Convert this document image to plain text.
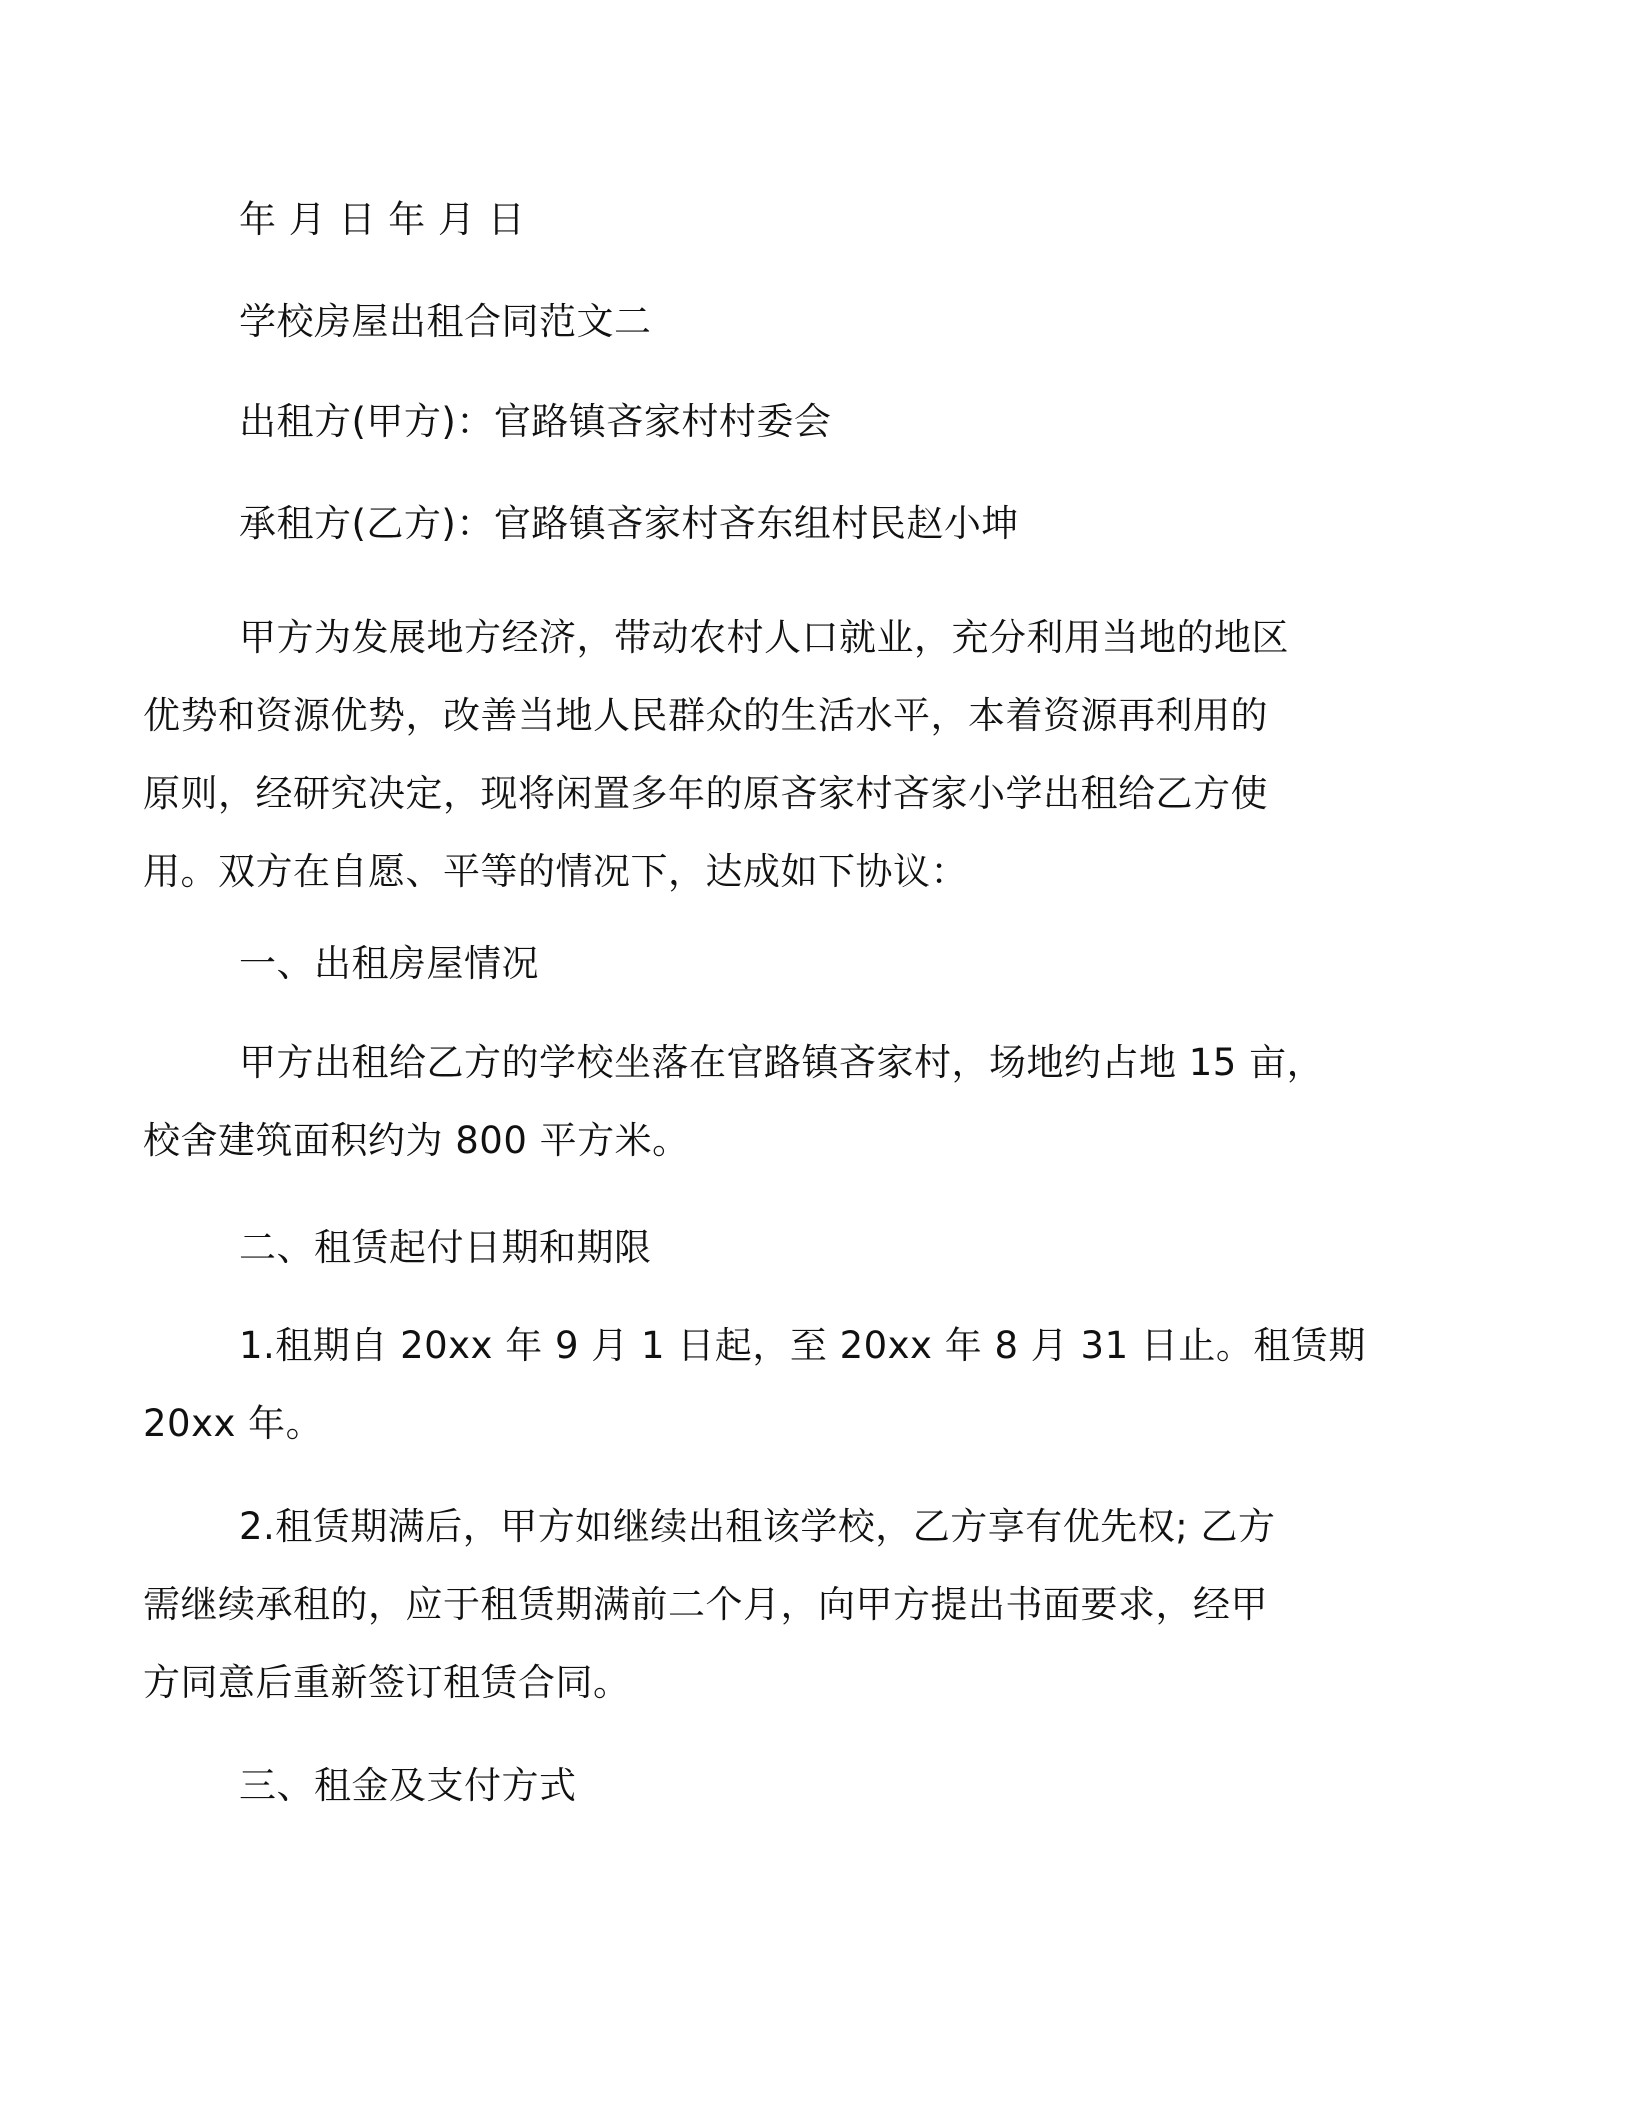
年 月 日 年 月 日

学校房屋出租合同范文二

出租方(甲方)：官路镇吝家村村委会

承租方(乙方)：官路镇吝家村吝东组村民赵小坤

甲方为发展地方经济，带动农村人口就业，充分利用当地的地区
优势和资源优势，改善当地人民群众的生活水平，本着资源再利用的
原则，经研究决定，现将闲置多年的原吝家村吝家小学出租给乙方使
用。双方在自愿、平等的情况下，达成如下协议：

一、出租房屋情况

甲方出租给乙方的学校坐落在官路镇吝家村，场地约占地 15 亩，
校舍建筑面积约为 800 平方米。

二、租赁起付日期和期限

1.租期自 20xx 年 9 月 1 日起，至 20xx 年 8 月 31 日止。租赁期
20xx 年。
2.租赁期满后，甲方如继续出租该学校，乙方享有优先权; 乙方
需继续承租的，应于租赁期满前二个月，向甲方提出书面要求，经甲
方同意后重新签订租赁合同。

三、租金及支付方式
